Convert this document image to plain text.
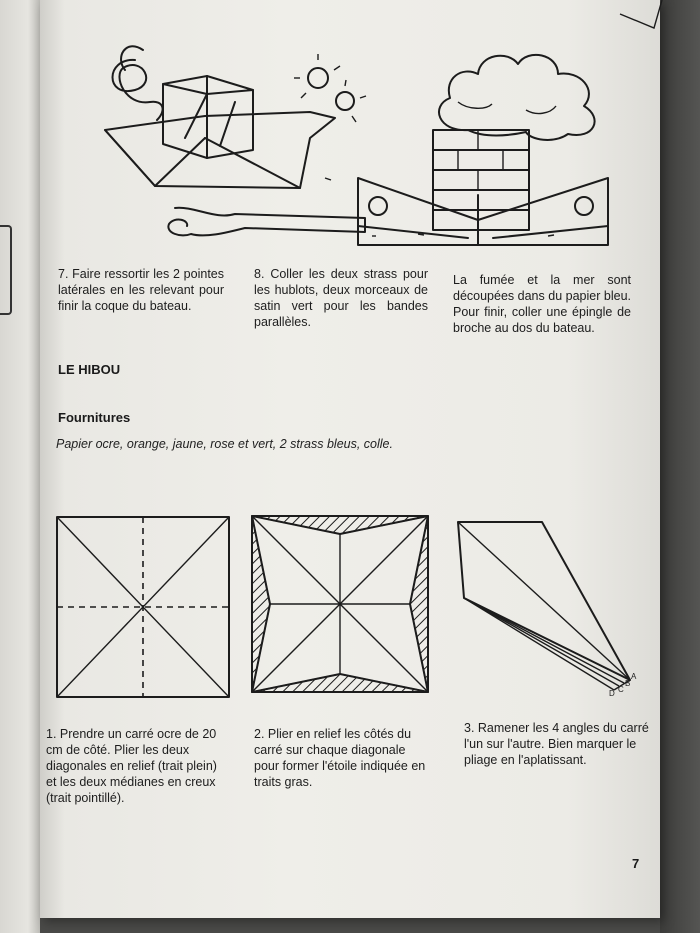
7. Faire ressortir les 2 pointes latérales en les relevant pour finir la coque du bateau.
8. Coller les deux strass pour les hublots, deux morceaux de satin vert pour les bandes parallèles.
La fumée et la mer sont découpées dans du papier bleu. Pour finir, coller une épingle de broche au dos du bateau.
LE HIBOU
Fournitures
Papier ocre, orange, jaune, rose et vert, 2 strass bleus, colle.
A
B
C
D
1. Prendre un carré ocre de 20 cm de côté. Plier les deux diagonales en relief (trait plein) et les deux médianes en creux (trait pointillé).
2. Plier en relief les côtés du carré sur chaque diagonale pour former l'étoile indiquée en traits gras.
3. Ramener les 4 angles du carré l'un sur l'autre. Bien marquer le pliage en l'aplatissant.
7
